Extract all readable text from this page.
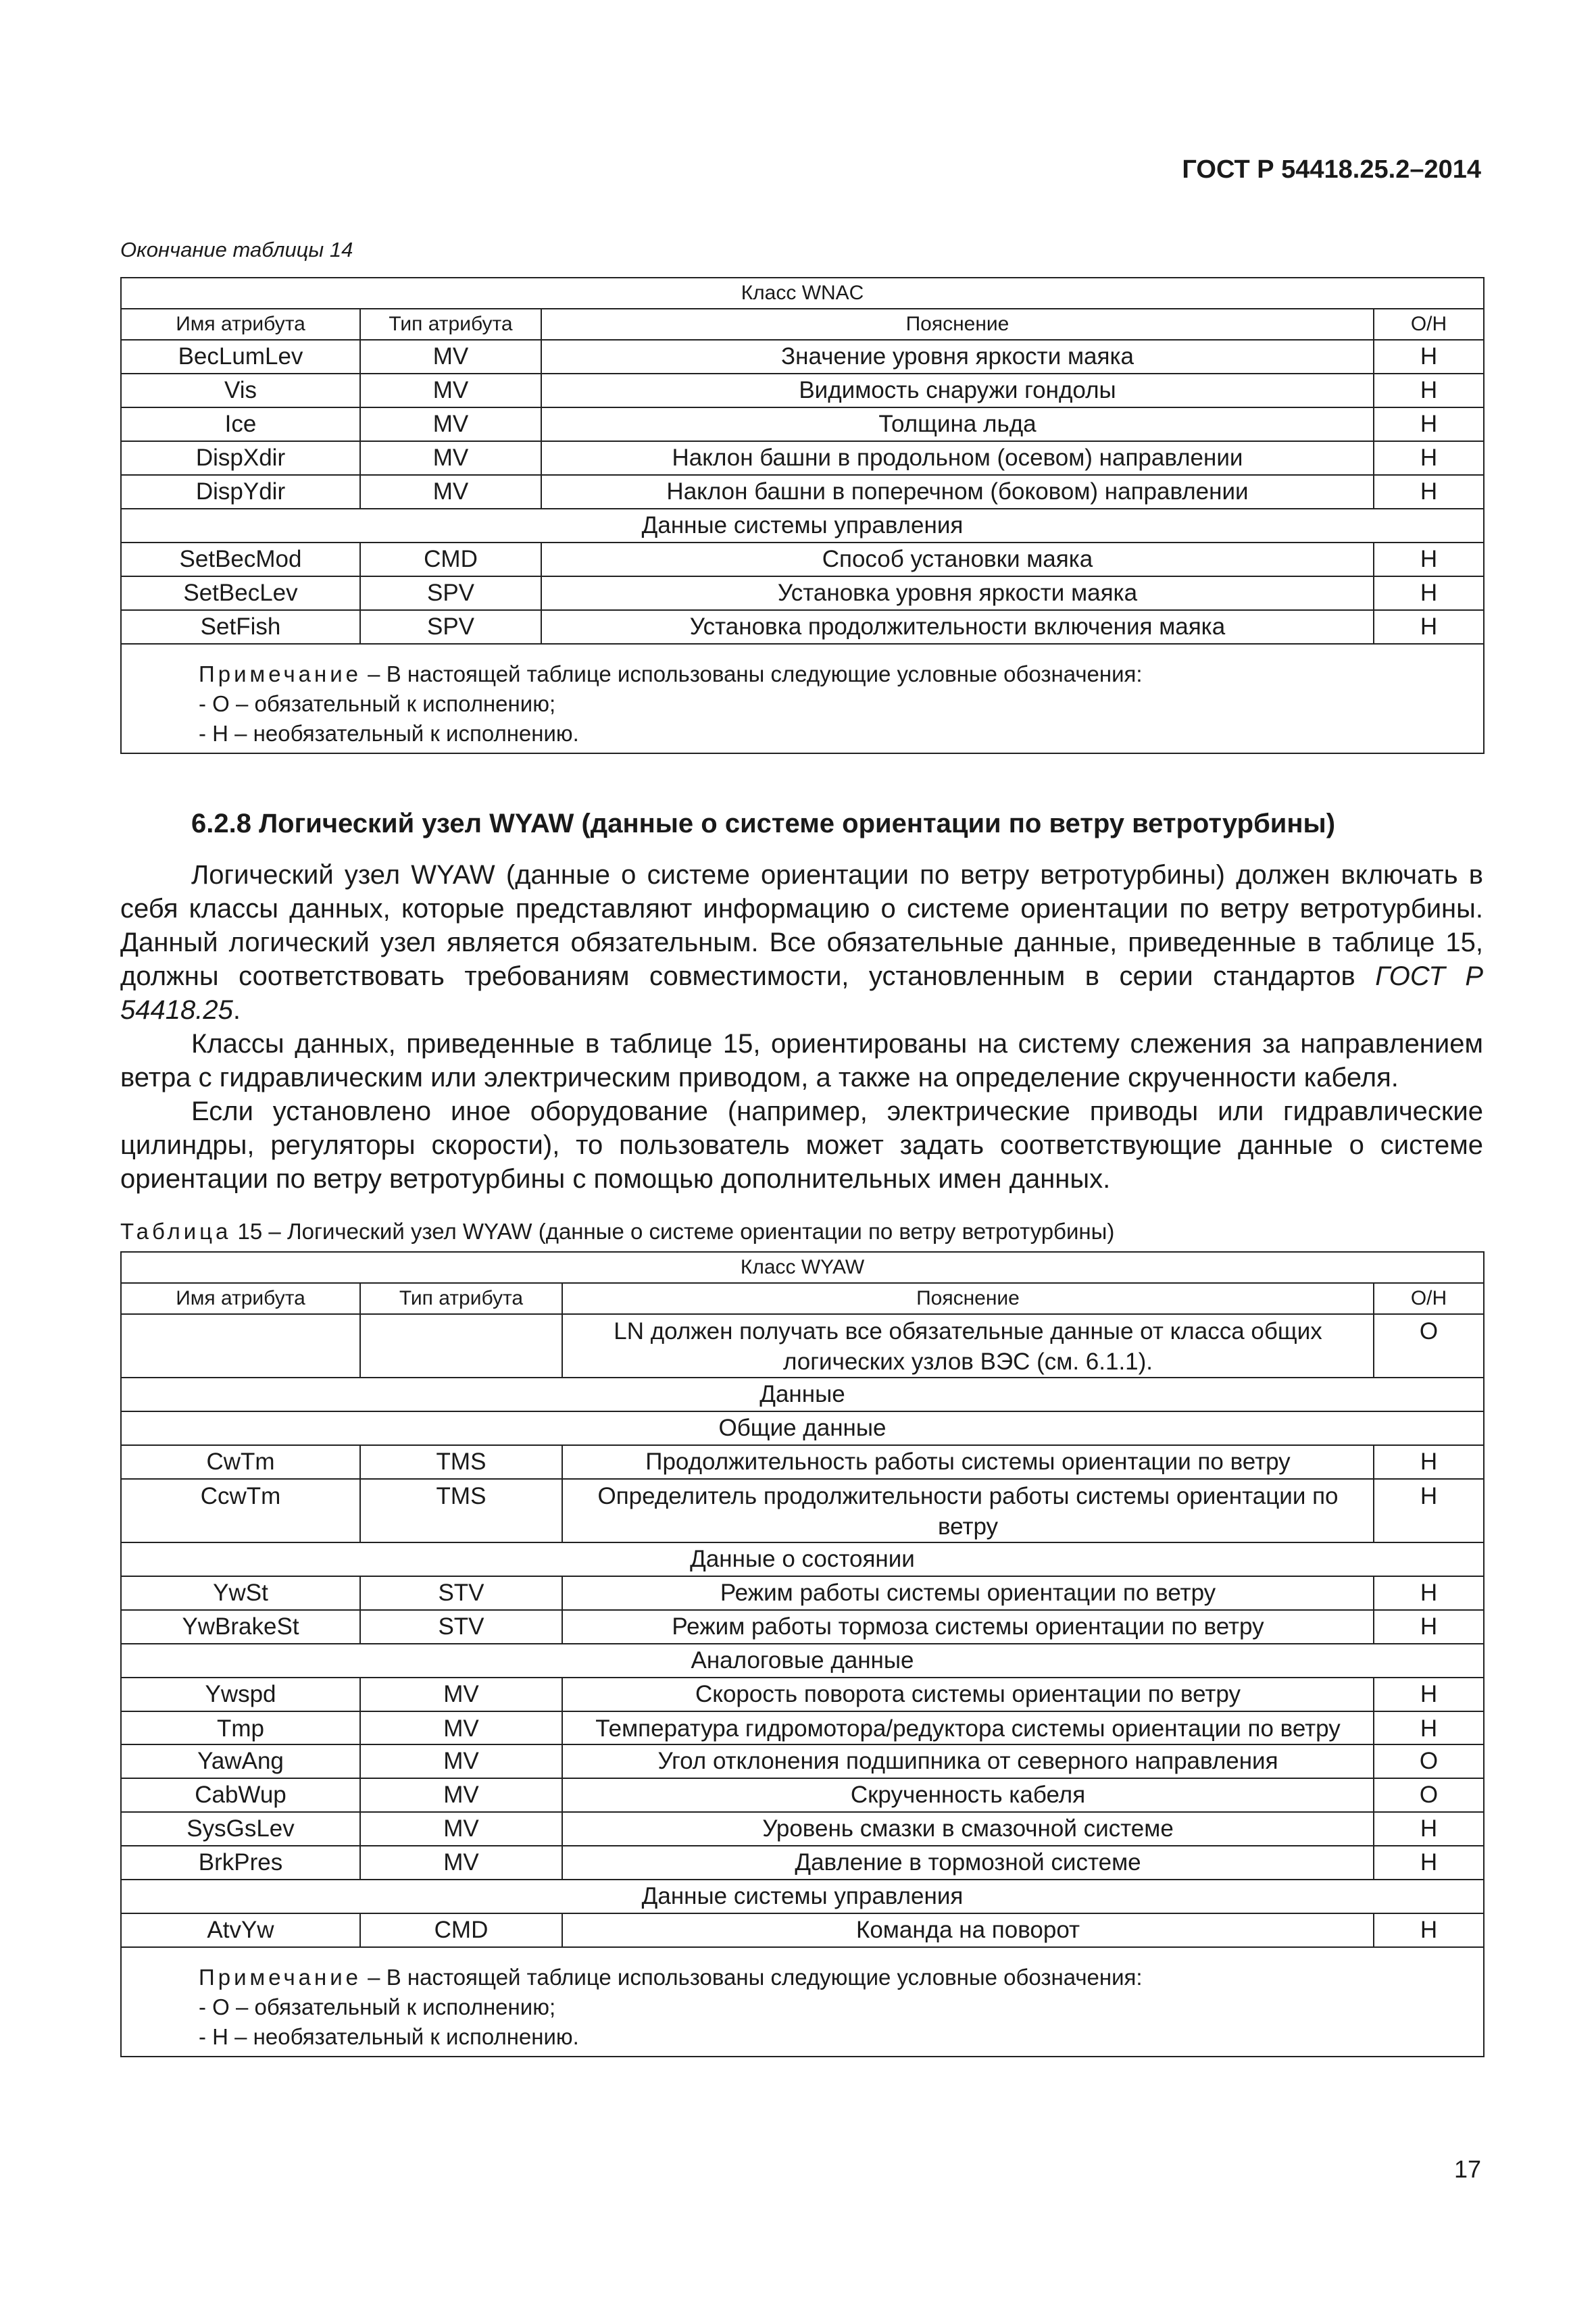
ГОСТ Р 54418.25.2–2014
Окончание таблицы 14
Класс WNAC			
Имя атрибута	Тип атрибута	Пояснение	О/Н
BecLumLev	MV	Значение уровня яркости маяка	Н
Vis	MV	Видимость снаружи гондолы	Н
Ice	MV	Толщина льда	Н
DispXdir	MV	Наклон башни в продольном (осевом) направлении	Н
DispYdir	MV	Наклон башни в поперечном (боковом) направлении	Н
Данные системы управления			
SetBecMod	CMD	Способ установки маяка	Н
SetBecLev	SPV	Установка уровня яркости маяка	Н
SetFish	SPV	Установка продолжительности включения маяка	Н
Примечание – В настоящей таблице использованы следующие условные обозначения:
- О – обязательный к исполнению;
- Н – необязательный к исполнению.			
6.2.8 Логический узел WYAW (данные о системе ориентации по ветру ветротурбины)

Логический узел WYAW (данные о системе ориентации по ветру ветротурбины) должен включать в себя классы данных, которые представляют информацию о системе ориентации по ветру ветротурбины. Данный логический узел является обязательным. Все обязательные данные, приведенные в таблице 15, должны соответствовать требованиям совместимости, установленным в серии стандартов ГОСТ Р 54418.25.

Классы данных, приведенные в таблице 15, ориентированы на систему слежения за направлением ветра с гидравлическим или электрическим приводом, а также на определение скрученности кабеля.

Если установлено иное оборудование (например, электрические приводы или гидравлические цилиндры, регуляторы скорости), то пользователь может задать соответствующие данные о системе ориентации по ветру ветротурбины с помощью дополнительных имен данных.

Таблица 15 – Логический узел WYAW (данные о системе ориентации по ветру ветротурбины)
Класс WYAW			
Имя атрибута	Тип атрибута	Пояснение	О/Н
		LN должен получать все обязательные данные от класса общих логических узлов ВЭС (см. 6.1.1).	О
Данные			
Общие данные			
CwTm	TMS	Продолжительность работы системы ориентации по ветру	Н
CcwTm	TMS	Определитель продолжительности работы системы ориентации по ветру	Н
Данные о состоянии			
YwSt	STV	Режим работы системы ориентации по ветру	Н
YwBrakeSt	STV	Режим работы тормоза системы ориентации по ветру	Н
Аналоговые данные			
Ywspd	MV	Скорость поворота системы ориентации по ветру	Н
Tmp	MV	Температура гидромотора/редуктора системы ориентации по ветру	Н
YawAng	MV	Угол отклонения подшипника от северного направления	О
CabWup	MV	Скрученность кабеля	О
SysGsLev	MV	Уровень смазки в смазочной системе	Н
BrkPres	MV	Давление в тормозной системе	Н
Данные системы управления			
AtvYw	CMD	Команда на поворот	Н
Примечание – В настоящей таблице использованы следующие условные обозначения:
- О – обязательный к исполнению;
- Н – необязательный к исполнению.			
17
